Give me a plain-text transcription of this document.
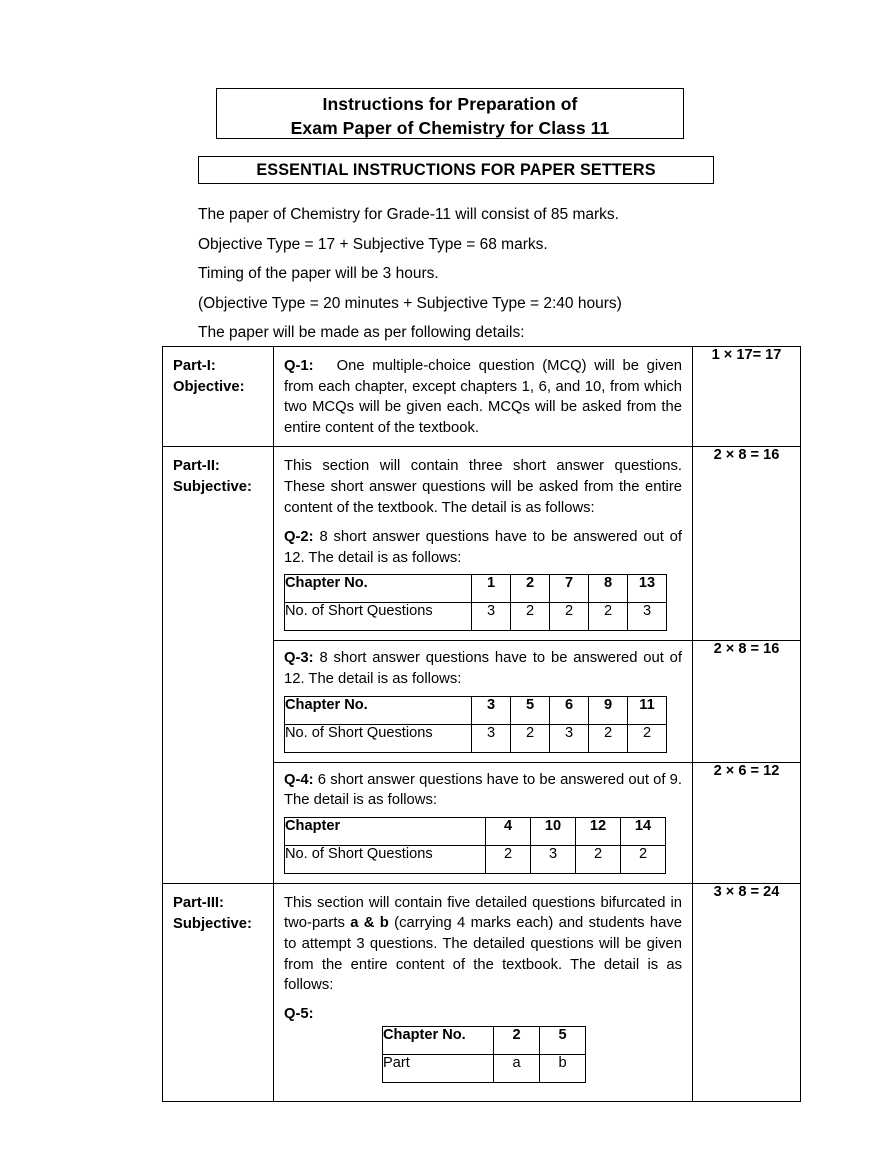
Instructions for Preparation of
Exam Paper of Chemistry for Class 11
ESSENTIAL INSTRUCTIONS FOR PAPER SETTERS
The paper of Chemistry for Grade-11 will consist of 85 marks.
Objective Type = 17 + Subjective Type = 68 marks.
Timing of the paper will be 3 hours.
(Objective Type = 20 minutes + Subjective Type = 2:40 hours)
The paper will be made as per following details:
Part-I:
Objective:

Q-1: One multiple-choice question (MCQ) will be given from each chapter, except chapters 1, 6, and 10, from which two MCQs will be given each. MCQs will be asked from the entire content of the textbook.
	1 × 17= 17

Part-II:
Subjective:

This section will contain three short answer questions. These short answer questions will be asked from the entire content of the textbook. The detail is as follows:
Q-2: 8 short answer questions have to be answered out of 12. The detail is as follows:
Chapter No.	1	2	7	8	13
No. of Short Questions	3	2	2	2	3
	2 × 8 = 16

Q-3: 8 short answer questions have to be answered out of 12. The detail is as follows:
Chapter No.	3	5	6	9	11
No. of Short Questions	3	2	3	2	2
	2 × 8 = 16

Q-4: 6 short answer questions have to be answered out of 9. The detail is as follows:
Chapter	4	10	12	14
No. of Short Questions	2	3	2	2
	2 × 6 = 12

Part-III:
Subjective:

This section will contain five detailed questions bifurcated in two-parts a & b (carrying 4 marks each) and students have to attempt 3 questions. The detailed questions will be given from the entire content of the textbook. The detail is as follows:
Q-5:
Chapter No.	2	5
Part	a	b
	3 × 8 = 24
